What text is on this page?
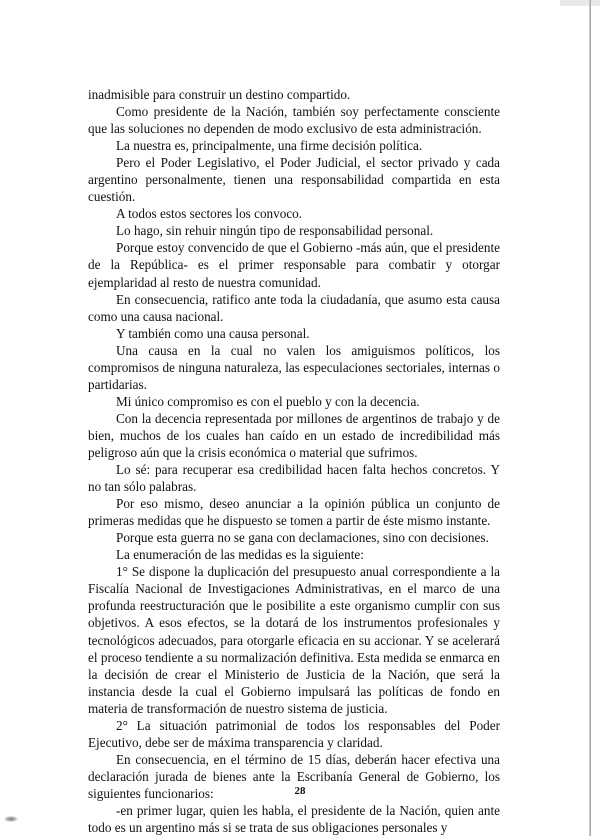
inadmisible para construir un destino compartido.

Como presidente de la Nación, también soy perfectamente consciente que las soluciones no dependen de modo exclusivo de esta administración.

La nuestra es, principalmente, una firme decisión política.

Pero el Poder Legislativo, el Poder Judicial, el sector privado y cada argentino personalmente, tienen una responsabilidad compartida en esta cuestión.

A todos estos sectores los convoco.

Lo hago, sin rehuir ningún tipo de responsabilidad personal.

Porque estoy convencido de que el Gobierno -más aún, que el presidente de la República- es el primer responsable para combatir y otorgar ejemplaridad al resto de nuestra comunidad.

En consecuencia, ratifico ante toda la ciudadanía, que asumo esta causa como una causa nacional.

Y también como una causa personal.

Una causa en la cual no valen los amiguismos políticos, los compromisos de ninguna naturaleza, las especulaciones sectoriales, internas o partidarias.

Mi único compromiso es con el pueblo y con la decencia.

Con la decencia representada por millones de argentinos de trabajo y de bien, muchos de los cuales han caído en un estado de incredibilidad más peligroso aún que la crisis económica o material que sufrimos.

Lo sé: para recuperar esa credibilidad hacen falta hechos concretos. Y no tan sólo palabras.

Por eso mismo, deseo anunciar a la opinión pública un conjunto de primeras medidas que he dispuesto se tomen a partir de éste mismo instante.

Porque esta guerra no se gana con declamaciones, sino con decisiones.

La enumeración de las medidas es la siguiente:

1° Se dispone la duplicación del presupuesto anual correspondiente a la Fiscalía Nacional de Investigaciones Administrativas, en el marco de una profunda reestructuración que le posibilite a este organismo cumplir con sus objetivos. A esos efectos, se la dotará de los instrumentos profesionales y tecnológicos adecuados, para otorgarle eficacia en su accionar. Y se acelerará el proceso tendiente a su normalización definitiva. Esta medida se enmarca en la decisión de crear el Ministerio de Justicia de la Nación, que será la instancia desde la cual el Gobierno impulsará las políticas de fondo en materia de transformación de nuestro sistema de justicia.

2° La situación patrimonial de todos los responsables del Poder Ejecutivo, debe ser de máxima transparencia y claridad.

En consecuencia, en el término de 15 días, deberán hacer efectiva una declaración jurada de bienes ante la Escribanía General de Gobierno, los siguientes funcionarios:

-en primer lugar, quien les habla, el presidente de la Nación, quien ante todo es un argentino más si se trata de sus obligaciones personales y

28
